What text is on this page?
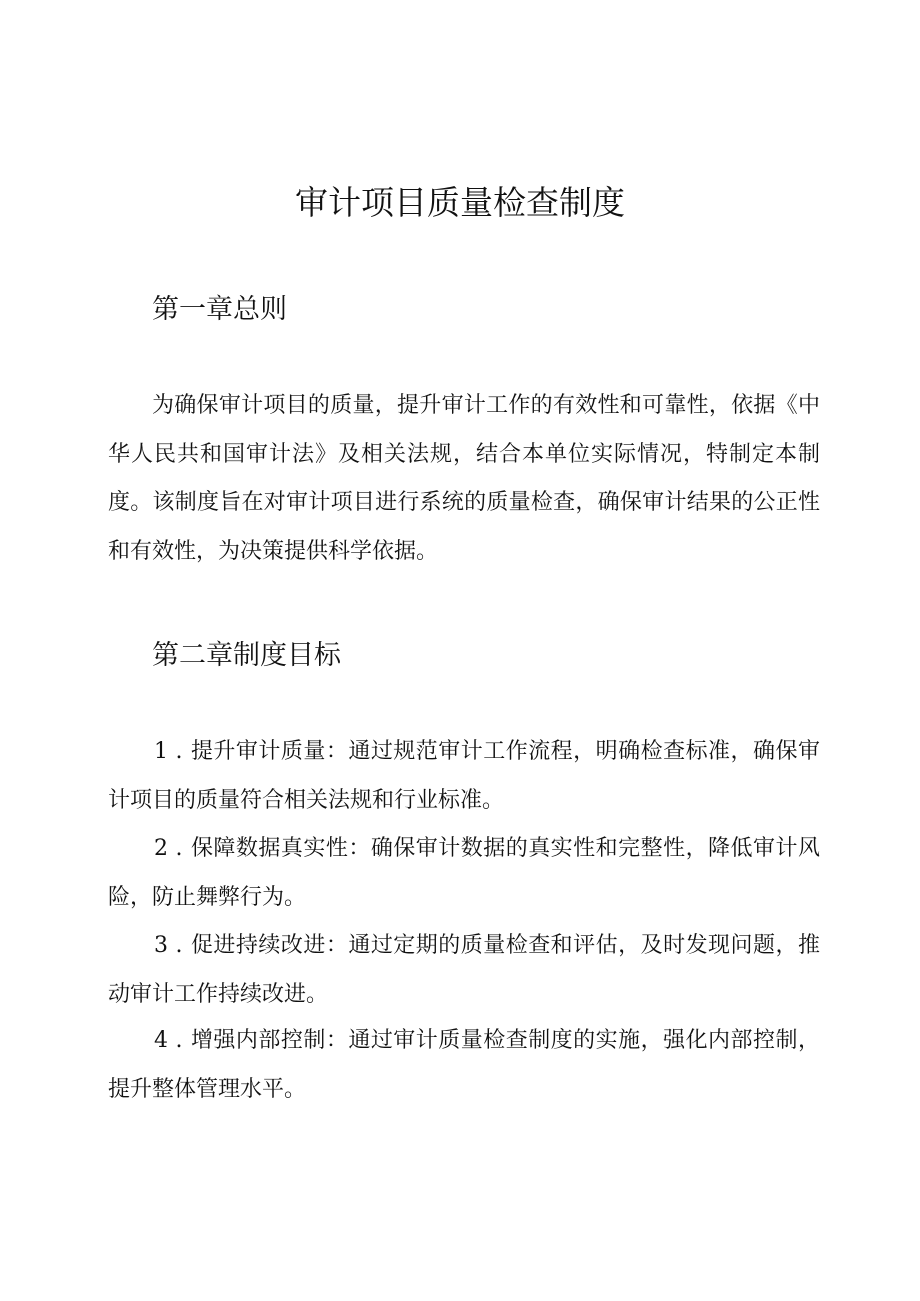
审计项目质量检查制度
第一章总则

为确保审计项目的质量，提升审计工作的有效性和可靠性，依据《中华人民共和国审计法》及相关法规，结合本单位实际情况，特制定本制度。该制度旨在对审计项目进行系统的质量检查，确保审计结果的公正性和有效性，为决策提供科学依据。

第二章制度目标

1 . 提升审计质量：通过规范审计工作流程，明确检查标准，确保审计项目的质量符合相关法规和行业标准。

2 . 保障数据真实性：确保审计数据的真实性和完整性，降低审计风险，防止舞弊行为。

3 . 促进持续改进：通过定期的质量检查和评估，及时发现问题，推动审计工作持续改进。

4 . 增强内部控制：通过审计质量检查制度的实施，强化内部控制，提升整体管理水平。
